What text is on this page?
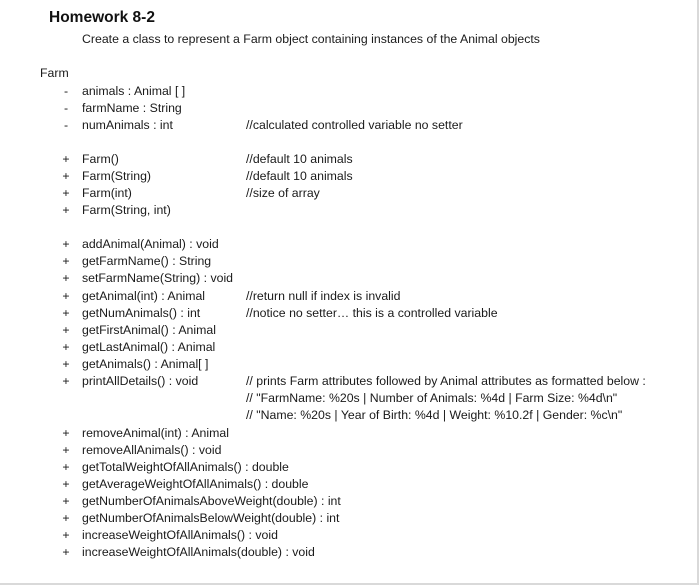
Homework 8-2
Create a class to represent a Farm object containing instances of the Animal objects
Farm
-	animals : Animal [ ]
-	farmName : String
-	numAnimals : int	//calculated controlled variable no setter
+ Farm()	//default 10 animals
+ Farm(String)	//default 10 animals
+ Farm(int)	//size of array
+ Farm(String, int)
+ addAnimal(Animal) : void
+ getFarmName() : String
+ setFarmName(String) : void
+ getAnimal(int) : Animal	//return null if index is invalid
+ getNumAnimals() : int	//notice no setter… this is a controlled variable
+ getFirstAnimal() : Animal
+ getLastAnimal() : Animal
+ getAnimals() : Animal[ ]
+ printAllDetails() : void	// prints Farm attributes followed by Animal attributes as formatted below :
// "FarmName: %20s | Number of Animals: %4d | Farm Size: %4d\n"
// "Name: %20s | Year of Birth: %4d | Weight: %10.2f | Gender: %c\n"
+ removeAnimal(int) : Animal
+ removeAllAnimals() : void
+ getTotalWeightOfAllAnimals() : double
+ getAverageWeightOfAllAnimals() : double
+ getNumberOfAnimalsAboveWeight(double) : int
+ getNumberOfAnimalsBelowWeight(double) : int
+ increaseWeightOfAllAnimals() : void
+ increaseWeightOfAllAnimals(double) : void
